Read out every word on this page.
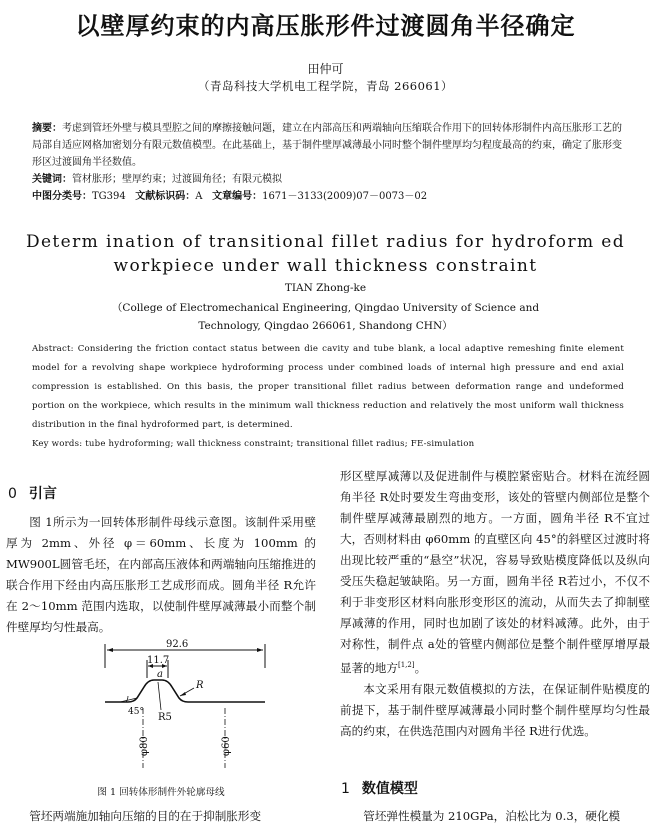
以壁厚约束的内高压胀形件过渡圆角半径确定
田仲可
（青岛科技大学机电工程学院，青岛 266061）
摘要：考虑到管坯外壁与模具型腔之间的摩擦接触问题，建立在内部高压和两端轴向压缩联合作用下的回转体形制件内高压胀形工艺的局部自适应网格加密划分有限元数值模型。在此基础上，基于制件壁厚减薄最小同时整个制件壁厚均匀程度最高的约束，确定了胀形变形区过渡圆角半径数值。
关键词：管材胀形；壁厚约束；过渡圆角径；有限元模拟
中图分类号：TG394 文献标识码：A 文章编号：1671－3133(2009)07－0073－02
Determ ination of transitional fillet radius for hydroform ed
workpiece under wall thickness constraint
TIAN Zhong-ke
（College of Electromechanical Engineering, Qingdao University of Science and
Technology, Qingdao 266061, Shandong CHN）
Abstract: Considering the friction contact status between die cavity and tube blank, a local adaptive remeshing finite element model for a revolving shape workpiece hydroforming process under combined loads of internal high pressure and end axial compression is established. On this basis, the proper transitional fillet radius between deformation range and undeformed portion on the workpiece, which results in the minimum wall thickness reduction and relatively the most uniform wall thickness distribution in the final hydroformed part, is determined.
Key words: tube hydroforming; wall thickness constraint; transitional fillet radius; FE-simulation
0 引言

图 1所示为一回转体形制件母线示意图。该制件采用壁厚为 2mm、外径 φ＝60mm、长度为 100mm 的MW900L圆管毛坯，在内部高压液体和两端轴向压缩推进的联合作用下经由内高压胀形工艺成形而成。圆角半径 R允许在 2～10mm 范围内选取，以使制件壁厚减薄最小而整个制件壁厚均匀性最高。

92.6
11.7
a
R
R5
45°
φ80	φ60
图 1 回转体形制件外轮廓母线

管坯两端施加轴向压缩的目的在于抑制胀形变

形区壁厚减薄以及促进制件与模腔紧密贴合。材料在流经圆角半径 R处时要发生弯曲变形，该处的管壁内侧部位是整个制件壁厚减薄最剧烈的地方。一方面，圆角半径 R不宜过大，否则材料由 φ60mm 的直壁区向 45°的斜壁区过渡时将出现比较严重的“悬空”状况，容易导致贴模度降低以及纵向受压失稳起皱缺陷。另一方面，圆角半径 R若过小，不仅不利于非变形区材料向胀形变形区的流动，从而失去了抑制壁厚减薄的作用，同时也加剧了该处的材料减薄。此外，由于对称性，制件点 a处的管壁内侧部位是整个制件壁厚增厚最显著的地方[1,2]。

本文采用有限元数值模拟的方法，在保证制件贴模度的前提下，基于制件壁厚减薄最小同时整个制件壁厚均匀性最高的约束，在供选范围内对圆角半径 R进行优选。

1 数值模型

管坯弹性模量为 210GPa，泊松比为 0.3，硬化模
